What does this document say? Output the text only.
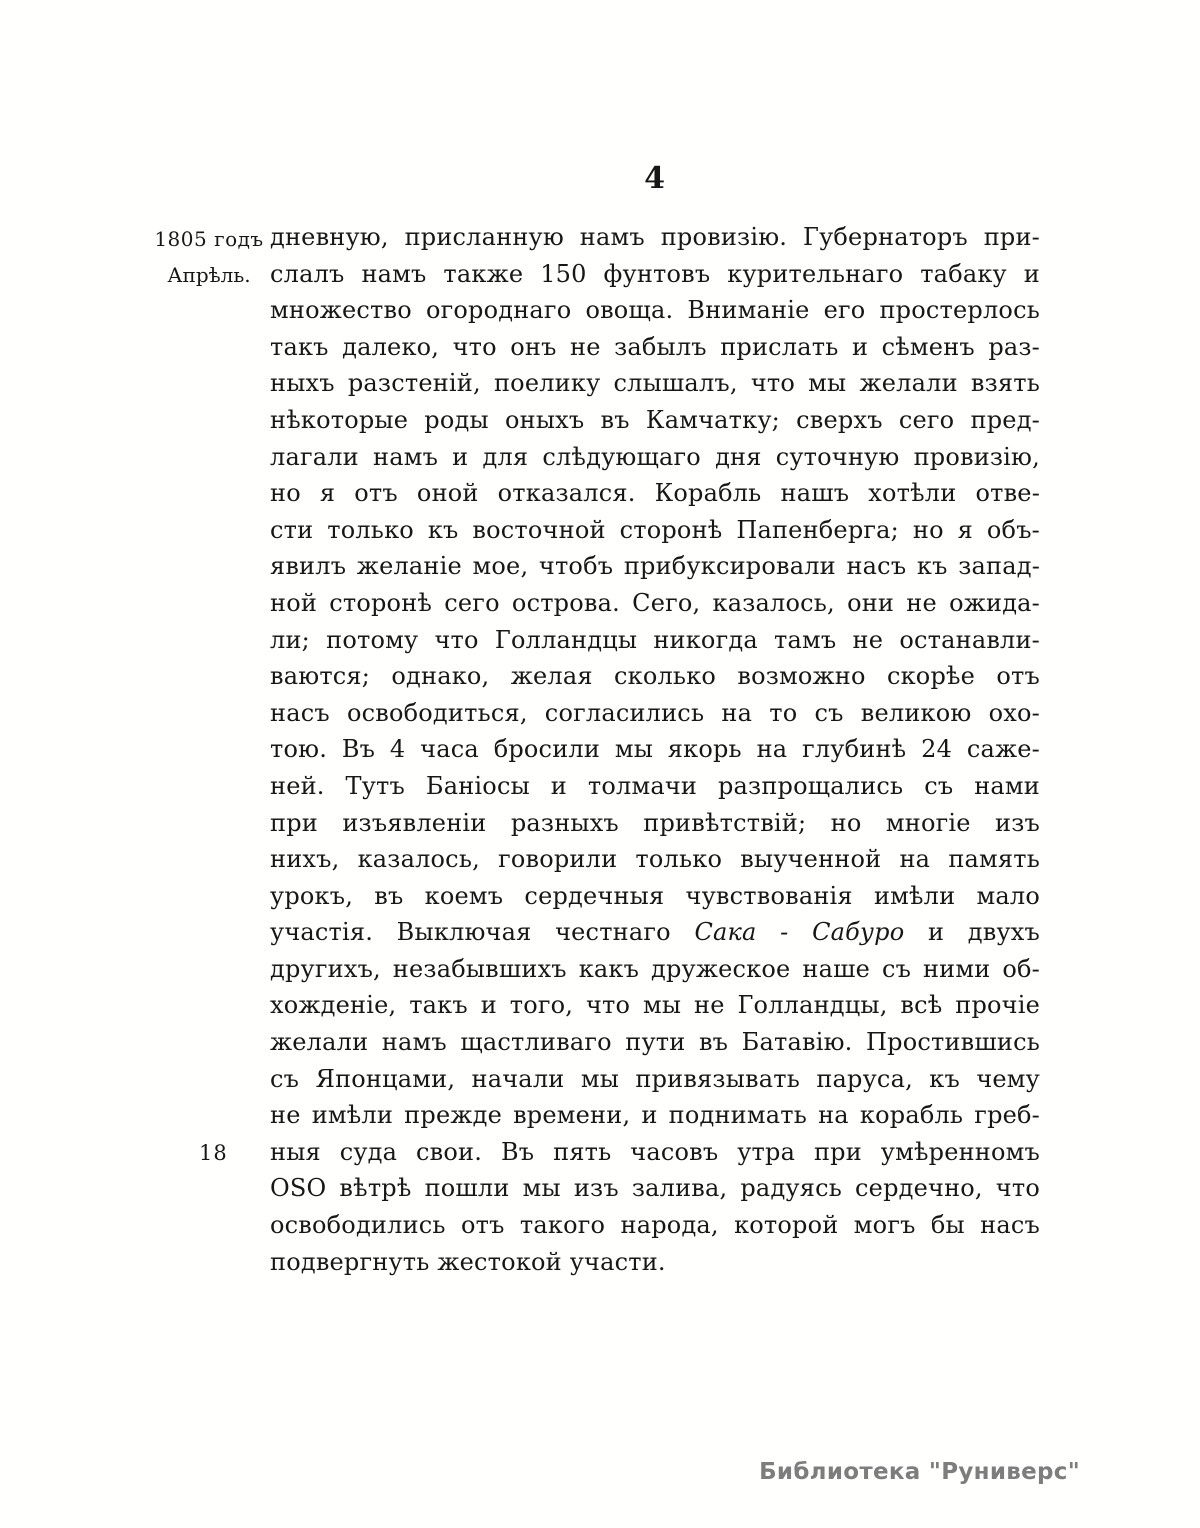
4
1805 годъ
Апрѣль.
18
дневную, присланную намъ провизію. Губернаторъ при-
слалъ намъ также 150 фунтовъ курительнаго табаку и
множество огороднаго овоща. Вниманіе его простерлось
такъ далеко, что онъ не забылъ прислать и сѣменъ раз-
ныхъ разстеній, поелику слышалъ, что мы желали взять
нѣкоторые роды оныхъ въ Камчатку; сверхъ сего пред-
лагали намъ и для слѣдующаго дня суточную провизію,
но я отъ оной отказался. Корабль нашъ хотѣли отве-
сти только къ восточной сторонѣ Папенберга; но я объ-
явилъ желаніе мое, чтобъ прибуксировали насъ къ запад-
ной сторонѣ сего острова. Сего, казалось, они не ожида-
ли; потому что Голландцы никогда тамъ не останавли-
ваются; однако, желая сколько возможно скорѣе отъ
насъ освободиться, согласились на то съ великою охо-
тою. Въ 4 часа бросили мы якорь на глубинѣ 24 саже-
ней. Тутъ Баніосы и толмачи разпрощались съ нами
при изъявленіи разныхъ привѣтствій; но многіе изъ
нихъ, казалось, говорили только выученной на память
урокъ, въ коемъ сердечныя чувствованія имѣли мало
участія. Выключая честнаго Сака - Сабуро и двухъ
другихъ, незабывшихъ какъ дружеское наше съ ними об-
хожденіе, такъ и того, что мы не Голландцы, всѣ прочіе
желали намъ щастливаго пути въ Батавію. Простившись
съ Японцами, начали мы привязывать паруса, къ чему
не имѣли прежде времени, и поднимать на корабль греб-
ныя суда свои. Въ пять часовъ утра при умѣренномъ
OSO вѣтрѣ пошли мы изъ залива, радуясь сердечно, что
освободились отъ такого народа, которой могъ бы насъ
подвергнуть жестокой участи.
Библиотека "Руниверс"
